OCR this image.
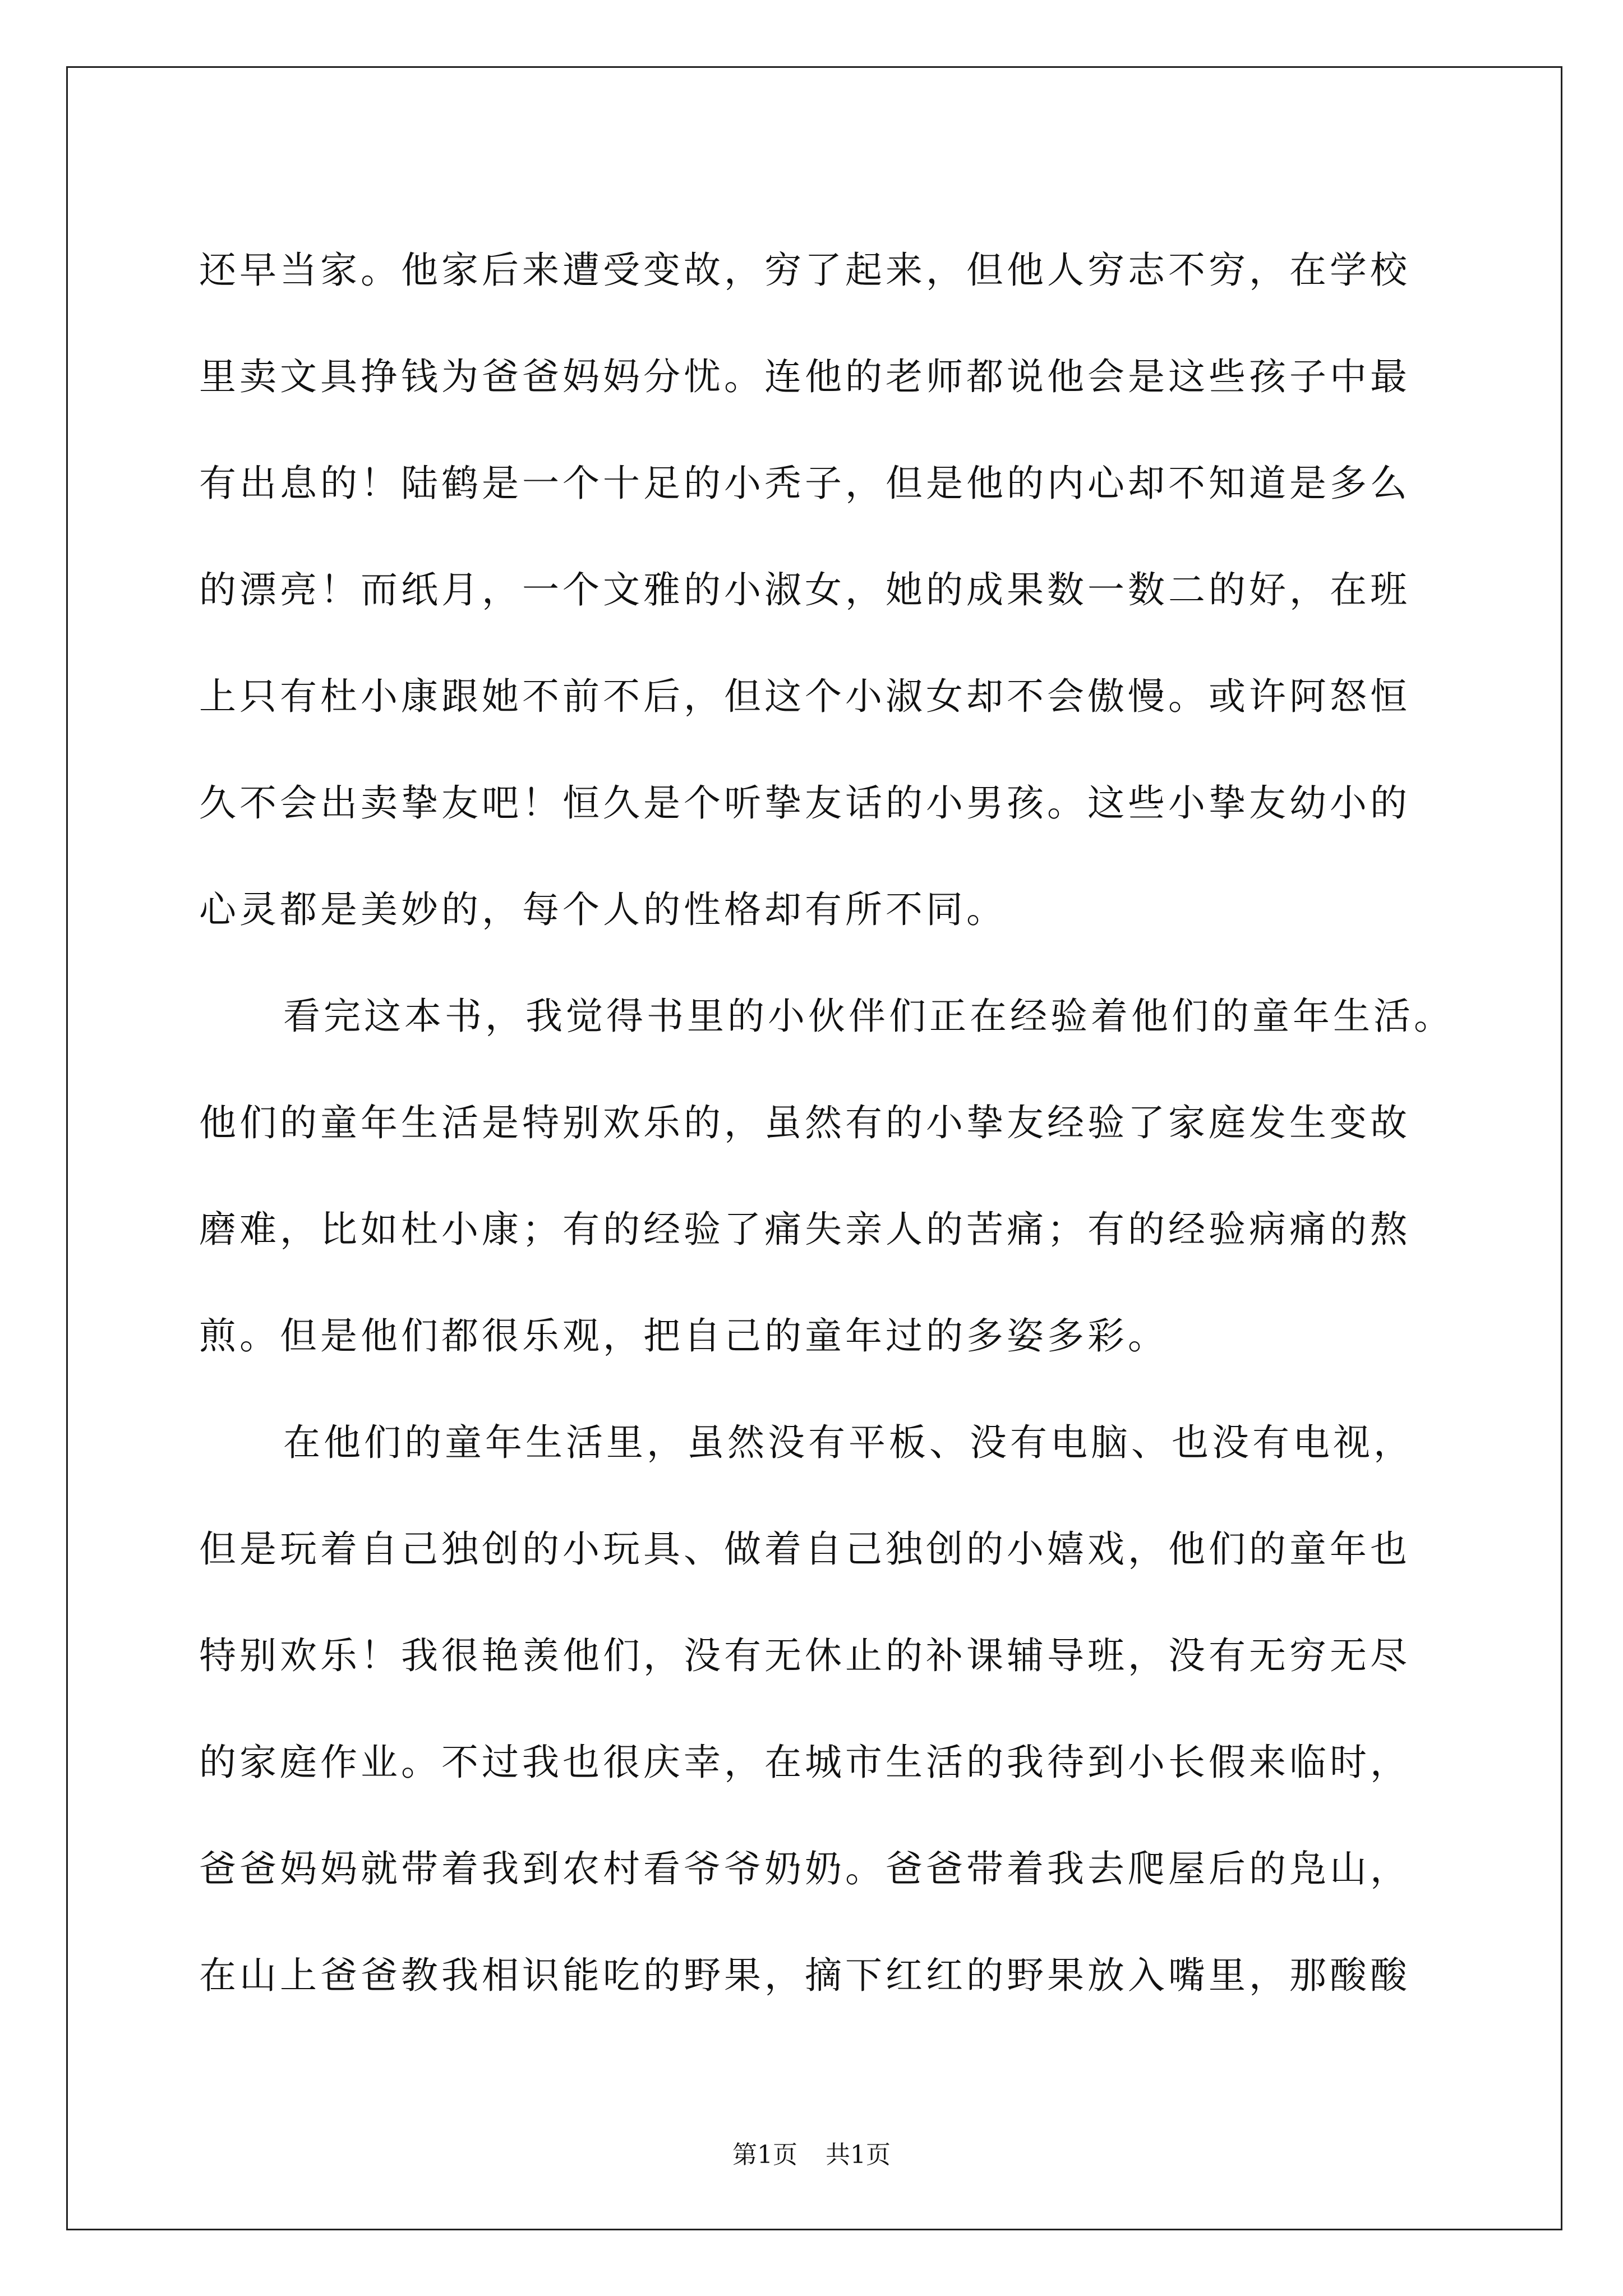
还早当家。他家后来遭受变故，穷了起来，但他人穷志不穷，在学校
里卖文具挣钱为爸爸妈妈分忧。连他的老师都说他会是这些孩子中最
有出息的！陆鹤是一个十足的小秃子，但是他的内心却不知道是多么
的漂亮！而纸月，一个文雅的小淑女，她的成果数一数二的好，在班
上只有杜小康跟她不前不后，但这个小淑女却不会傲慢。或许阿怒恒
久不会出卖挚友吧！恒久是个听挚友话的小男孩。这些小挚友幼小的
心灵都是美妙的，每个人的性格却有所不同。
看完这本书，我觉得书里的小伙伴们正在经验着他们的童年生活。
他们的童年生活是特别欢乐的，虽然有的小挚友经验了家庭发生变故
磨难，比如杜小康；有的经验了痛失亲人的苦痛；有的经验病痛的熬
煎。但是他们都很乐观，把自己的童年过的多姿多彩。
在他们的童年生活里，虽然没有平板、没有电脑、也没有电视，
但是玩着自己独创的小玩具、做着自己独创的小嬉戏，他们的童年也
特别欢乐！我很艳羡他们，没有无休止的补课辅导班，没有无穷无尽
的家庭作业。不过我也很庆幸，在城市生活的我待到小长假来临时，
爸爸妈妈就带着我到农村看爷爷奶奶。爸爸带着我去爬屋后的凫山，
在山上爸爸教我相识能吃的野果，摘下红红的野果放入嘴里，那酸酸
第1页 共1页
